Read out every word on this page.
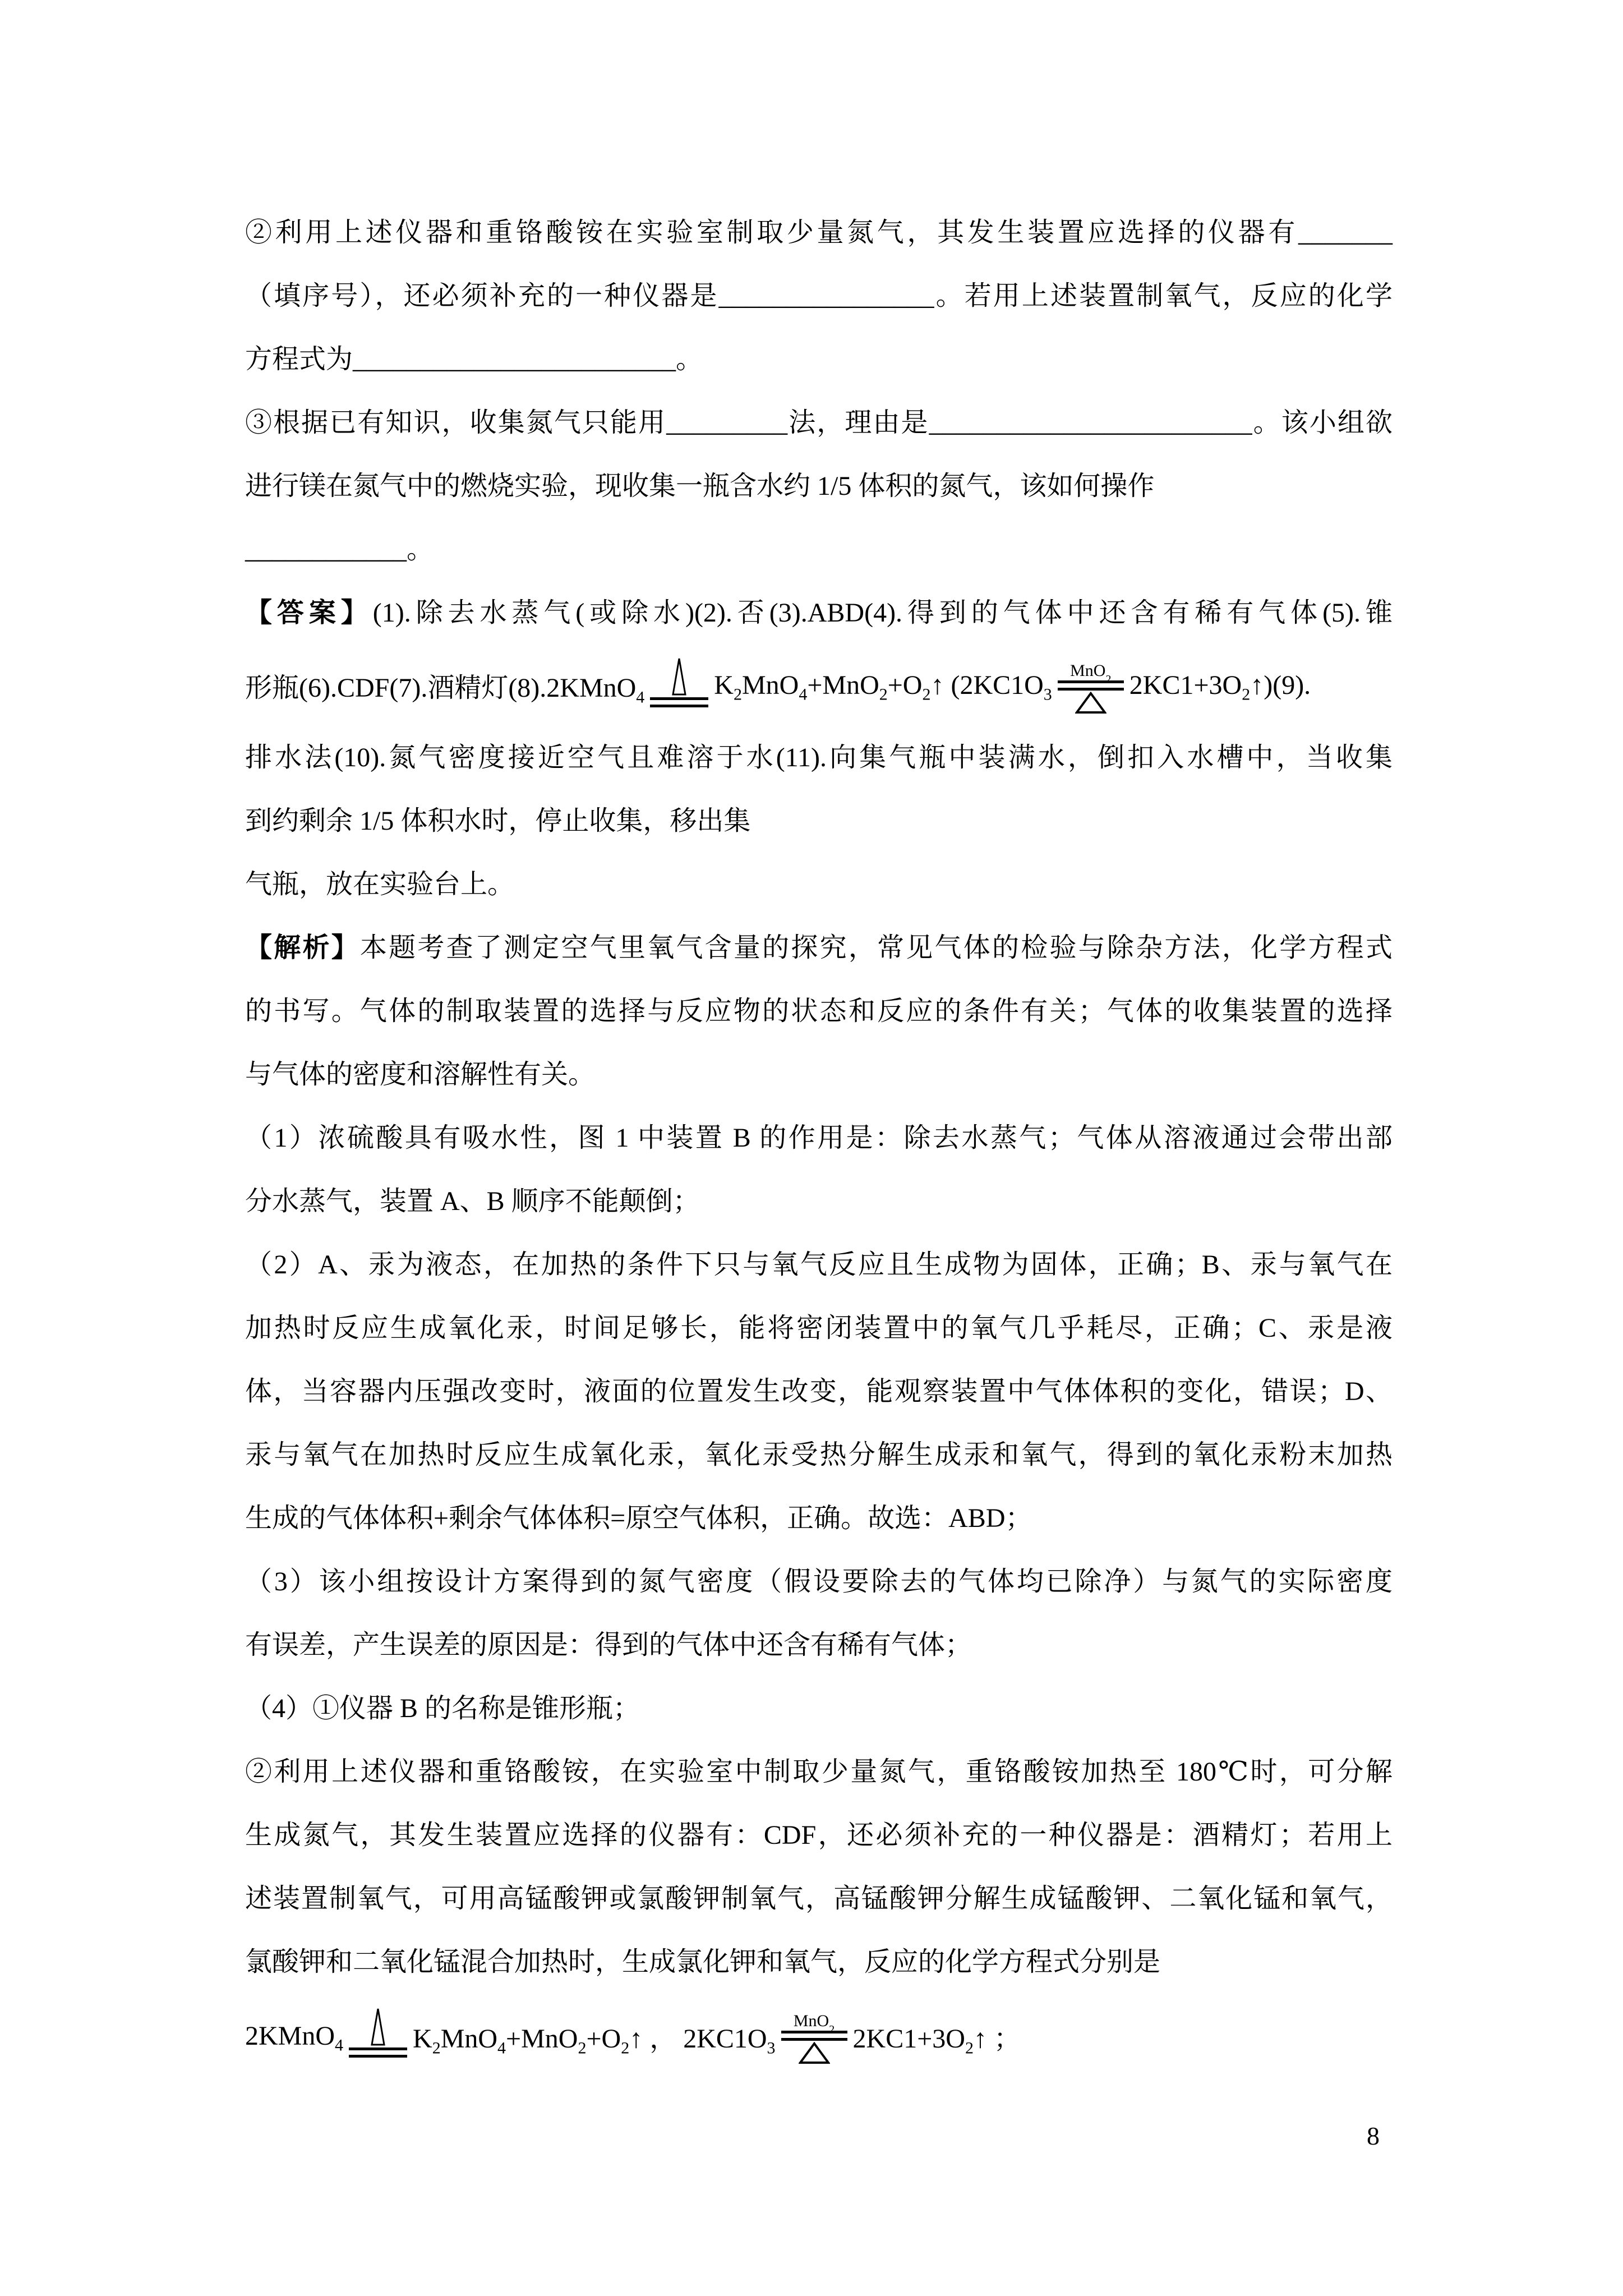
②利用上述仪器和重铬酸铵在实验室制取少量氮气，其发生装置应选择的仪器有_______
（填序号），还必须补充的一种仪器是________________。若用上述装置制氧气，反应的化学
方程式为________________________。
③根据已有知识，收集氮气只能用_________法，理由是________________________。该小组欲
进行镁在氮气中的燃烧实验，现收集一瓶含水约 1/5 体积的氮气，该如何操作
____________。
【答案】(1).除去水蒸气(或除水)(2).否(3).ABD(4).得到的气体中还含有稀有气体(5).锥
形瓶(6).CDF(7).酒精灯(8).2KMnO$_4$	$K_2MnO_4+MnO_2+O_2↑$ ($2KC1O_3$
MnO 2 $2KC1+3O_2↑)(9)$.
排水法(10).氮气密度接近空气且难溶于水(11).向集气瓶中装满水，倒扣入水槽中，当收集
到约剩余 1/5 体积水时，停止收集，移出集
气瓶，放在实验台上。
【解析】本题考查了测定空气里氧气含量的探究，常见气体的检验与除杂方法，化学方程式
的书写。气体的制取装置的选择与反应物的状态和反应的条件有关；气体的收集装置的选择
与气体的密度和溶解性有关。
（1）浓硫酸具有吸水性，图 1 中装置 B 的作用是：除去水蒸气；气体从溶液通过会带出部
分水蒸气，装置 A、B 顺序不能颠倒；
（2）A、汞为液态，在加热的条件下只与氧气反应且生成物为固体，正确；B、汞与氧气在
加热时反应生成氧化汞，时间足够长，能将密闭装置中的氧气几乎耗尽，正确；C、汞是液
体，当容器内压强改变时，液面的位置发生改变，能观察装置中气体体积的变化，错误；D、
汞与氧气在加热时反应生成氧化汞，氧化汞受热分解生成汞和氧气，得到的氧化汞粉末加热
生成的气体体积+剩余气体体积=原空气体积，正确。故选：ABD；
（3）该小组按设计方案得到的氮气密度（假设要除去的气体均已除净）与氮气的实际密度
有误差，产生误差的原因是：得到的气体中还含有稀有气体；
（4）①仪器 B 的名称是锥形瓶；
②利用上述仪器和重铬酸铵，在实验室中制取少量氮气，重铬酸铵加热至 180℃时，可分解
生成氮气，其发生装置应选择的仪器有：CDF，还必须补充的一种仪器是：酒精灯；若用上
述装置制氧气，可用高锰酸钾或氯酸钾制氧气，高锰酸钾分解生成锰酸钾、二氧化锰和氧气，
氯酸钾和二氧化锰混合加热时，生成氯化钾和氧气，反应的化学方程式分别是
2KMnO$_4$	$K_2MnO_4+MnO_2+O_2↑$ ， $2KC1O_3$
MnO 2 $2KC1+3O_2↑$ ；
8
